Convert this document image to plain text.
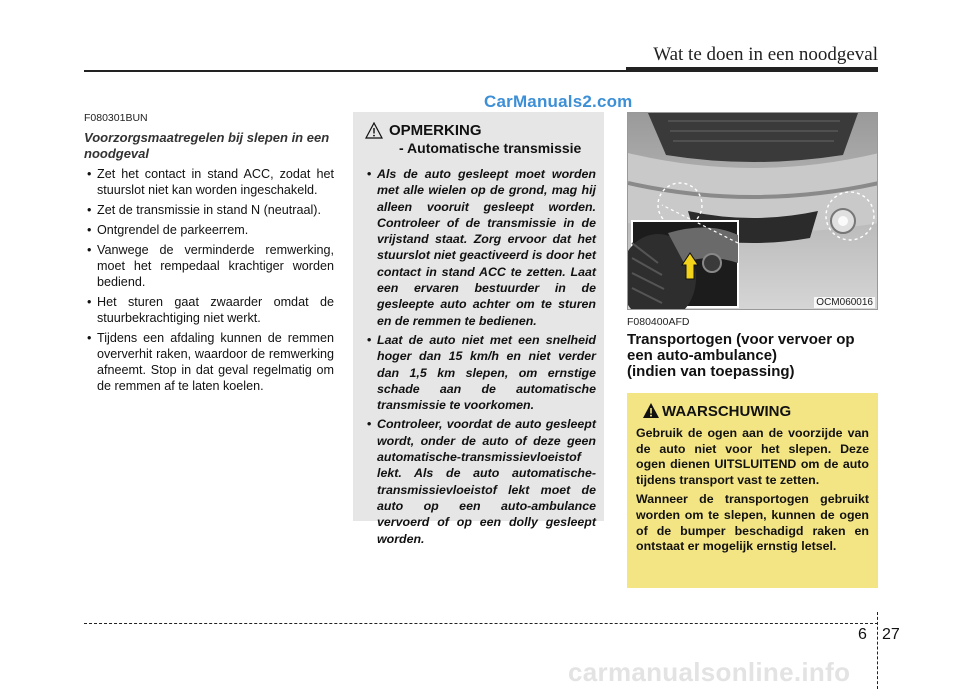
Wat te doen in een noodgeval
CarManuals2.com
F080301BUN
Voorzorgsmaatregelen bij slepen in een noodgeval
• Zet het contact in stand ACC, zodat het stuurslot niet kan worden ingeschakeld.
• Zet de transmissie in stand N (neutraal).
• Ontgrendel de parkeerrem.
• Vanwege de verminderde remwerking, moet het rempedaal krachtiger worden bediend.
• Het sturen gaat zwaarder omdat de stuurbekrachtiging niet werkt.
• Tijdens een afdaling kunnen de remmen oververhit raken, waardoor de remwerking afneemt. Stop in dat geval regelmatig om de remmen af te laten koelen.
OPMERKING
- Automatische transmissie
• Als de auto gesleept moet worden met alle wielen op de grond, mag hij alleen vooruit gesleept worden. Controleer of de transmissie in de vrijstand staat. Zorg ervoor dat het stuurslot niet geactiveerd is door het contact in stand ACC te zetten. Laat een ervaren bestuurder in de gesleepte auto achter om te sturen en de remmen te bedienen.
• Laat de auto niet met een snelheid hoger dan 15 km/h en niet verder dan 1,5 km slepen, om ernstige schade aan de automatische transmissie te voorkomen.
• Controleer, voordat de auto gesleept wordt, onder de auto of deze geen automatische-transmissievloeistof lekt. Als de auto automatische-transmissievloeistof lekt moet de auto op een auto-ambulance vervoerd of op een dolly gesleept worden.
OCM060016
F080400AFD
Transportogen (voor vervoer op
een auto-ambulance)
(indien van toepassing)
WAARSCHUWING

Gebruik de ogen aan de voorzijde van de auto niet voor het slepen. Deze ogen dienen UITSLUITEND om de auto tijdens transport vast te zetten.

Wanneer de transportogen gebruikt worden om te slepen, kunnen de ogen of de bumper beschadigd raken en ontstaat er mogelijk ernstig letsel.

6 27
carmanualsonline.info
